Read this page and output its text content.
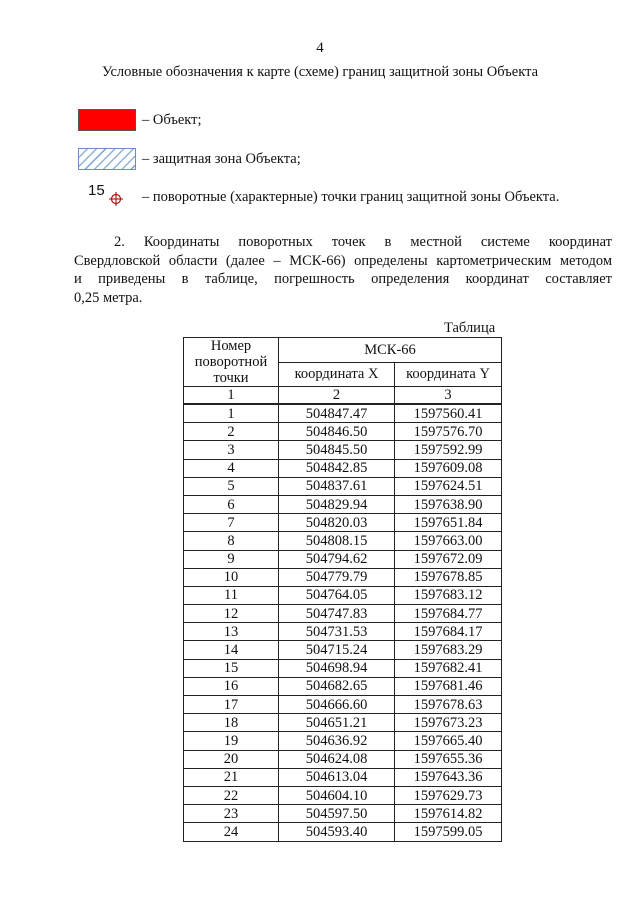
4
Условные обозначения к карте (схеме) границ защитной зоны Объекта
– Объект;
– защитная зона Объекта;
15	– поворотные (характерные) точки границ защитной зоны Объекта.
2. Координаты поворотных точек в местной системе координат
Свердловской области (далее – МСК-66) определены картометрическим методом
и приведены в таблице, погрешность определения координат составляет
0,25 метра.
Таблица
Номер поворотной точки	МСК-66	
	координата X	координата Y
1	2	3
1	504847.47	1597560.41
2	504846.50	1597576.70
3	504845.50	1597592.99
4	504842.85	1597609.08
5	504837.61	1597624.51
6	504829.94	1597638.90
7	504820.03	1597651.84
8	504808.15	1597663.00
9	504794.62	1597672.09
10	504779.79	1597678.85
11	504764.05	1597683.12
12	504747.83	1597684.77
13	504731.53	1597684.17
14	504715.24	1597683.29
15	504698.94	1597682.41
16	504682.65	1597681.46
17	504666.60	1597678.63
18	504651.21	1597673.23
19	504636.92	1597665.40
20	504624.08	1597655.36
21	504613.04	1597643.36
22	504604.10	1597629.73
23	504597.50	1597614.82
24	504593.40	1597599.05
